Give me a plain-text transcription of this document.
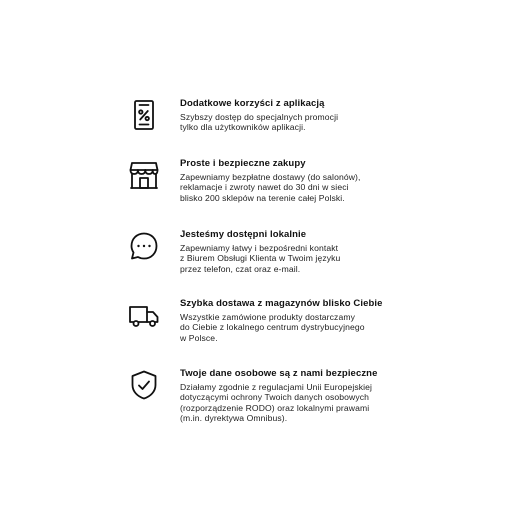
Dodatkowe korzyści z aplikacją
Szybszy dostęp do specjalnych promocji
tylko dla użytkowników aplikacji.
Proste i bezpieczne zakupy
Zapewniamy bezpłatne dostawy (do salonów),
reklamacje i zwroty nawet do 30 dni w sieci
blisko 200 sklepów na terenie całej Polski.
Jesteśmy dostępni lokalnie
Zapewniamy łatwy i bezpośredni kontakt
z Biurem Obsługi Klienta w Twoim języku
przez telefon, czat oraz e-mail.
Szybka dostawa z magazynów blisko Ciebie
Wszystkie zamówione produkty dostarczamy
do Ciebie z lokalnego centrum dystrybucyjnego
w Polsce.
Twoje dane osobowe są z nami bezpieczne
Działamy zgodnie z regulacjami Unii Europejskiej
dotyczącymi ochrony Twoich danych osobowych
(rozporządzenie RODO) oraz lokalnymi prawami
(m.in. dyrektywa Omnibus).
